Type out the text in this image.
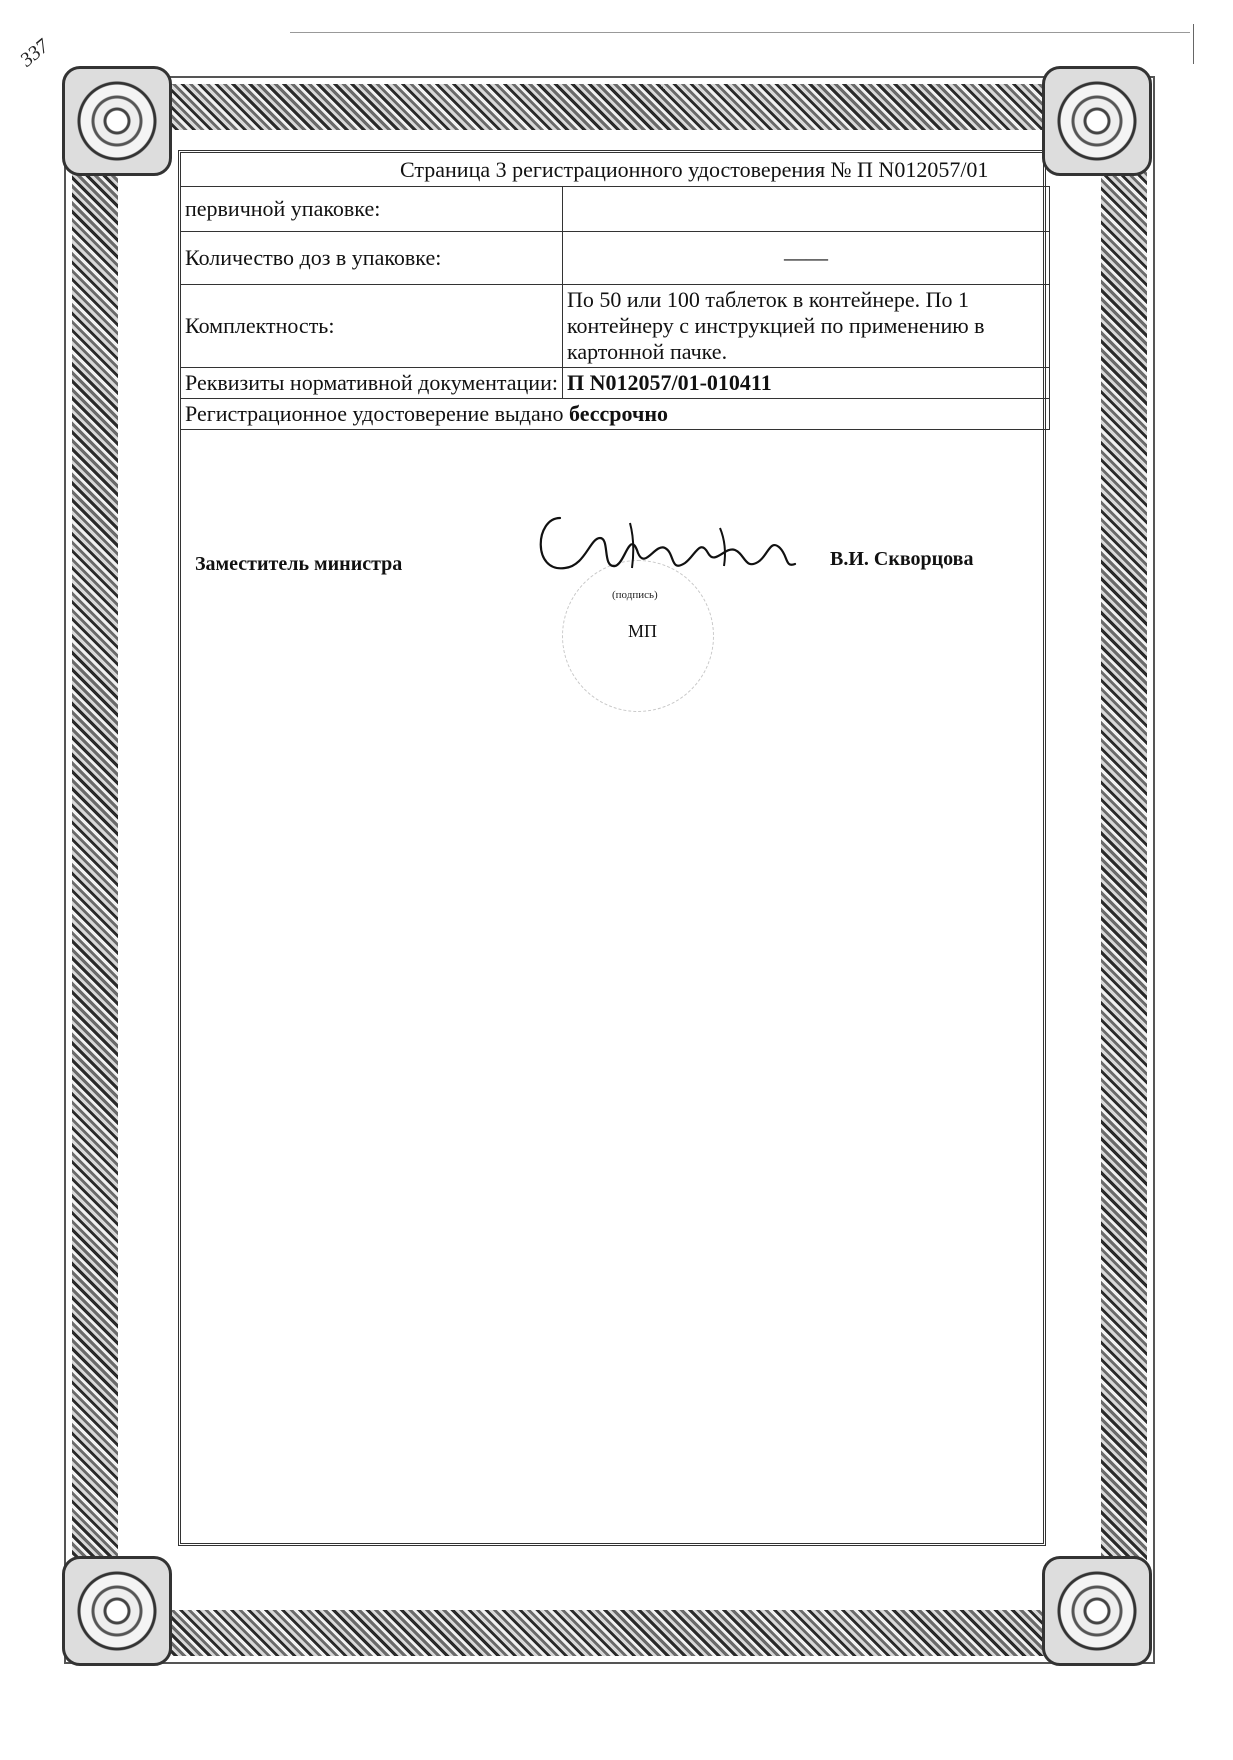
337
Страница 3 регистрационного удостоверения № П N012057/01
первичной упаковке:	
Количество доз в упаковке:	——

Комплектность:	По 50 или 100 таблеток в контейнере. По 1 контейнеру с инструкцией по применению в картонной пачке.
Реквизиты нормативной документации:	П N012057/01-010411
Регистрационное удостоверение выдано бессрочно	
Заместитель министра
(подпись)
В.И. Скворцова
МП
